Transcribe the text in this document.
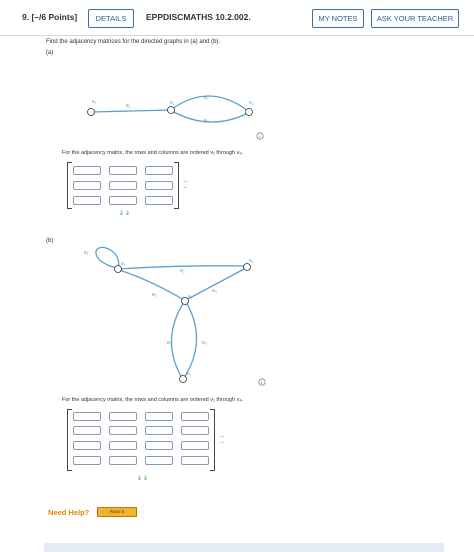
9. [–/6 Points]	DETAILS	EPPDISCMATHS 10.2.002.	MY NOTES	ASK YOUR TEACHER
Find the adjacency matrices for the directed graphs in (a) and (b).
(a)
v₃	v₁	v₂
e₁
e₂
e₃
i
v₁	v₂
v₃
v₄
e₁
e₂
e₃
e₄
e₅	e₆
i
For the adjacency matrix, the rows and columns are ordered v₁ through v₃.
→
→
⇓⇓
(b)
For the adjacency matrix, the rows and columns are ordered v₁ through v₄.
→
→
⇓⇓
Need Help?	Read It
